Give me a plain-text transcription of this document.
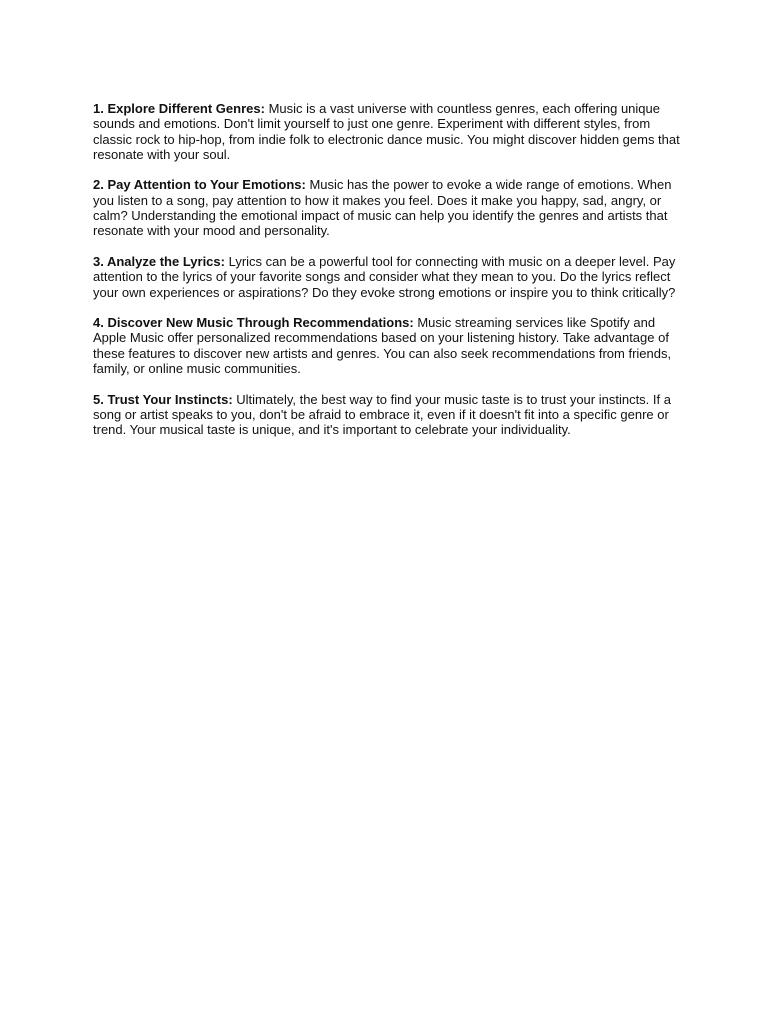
1. Explore Different Genres: Music is a vast universe with countless genres, each offering unique sounds and emotions. Don't limit yourself to just one genre. Experiment with different styles, from classic rock to hip-hop, from indie folk to electronic dance music. You might discover hidden gems that resonate with your soul.

2. Pay Attention to Your Emotions: Music has the power to evoke a wide range of emotions. When you listen to a song, pay attention to how it makes you feel. Does it make you happy, sad, angry, or calm? Understanding the emotional impact of music can help you identify the genres and artists that resonate with your mood and personality.

3. Analyze the Lyrics: Lyrics can be a powerful tool for connecting with music on a deeper level. Pay attention to the lyrics of your favorite songs and consider what they mean to you. Do the lyrics reflect your own experiences or aspirations? Do they evoke strong emotions or inspire you to think critically?

4. Discover New Music Through Recommendations: Music streaming services like Spotify and Apple Music offer personalized recommendations based on your listening history. Take advantage of these features to discover new artists and genres. You can also seek recommendations from friends, family, or online music communities.

5. Trust Your Instincts: Ultimately, the best way to find your music taste is to trust your instincts. If a song or artist speaks to you, don't be afraid to embrace it, even if it doesn't fit into a specific genre or trend. Your musical taste is unique, and it's important to celebrate your individuality.
